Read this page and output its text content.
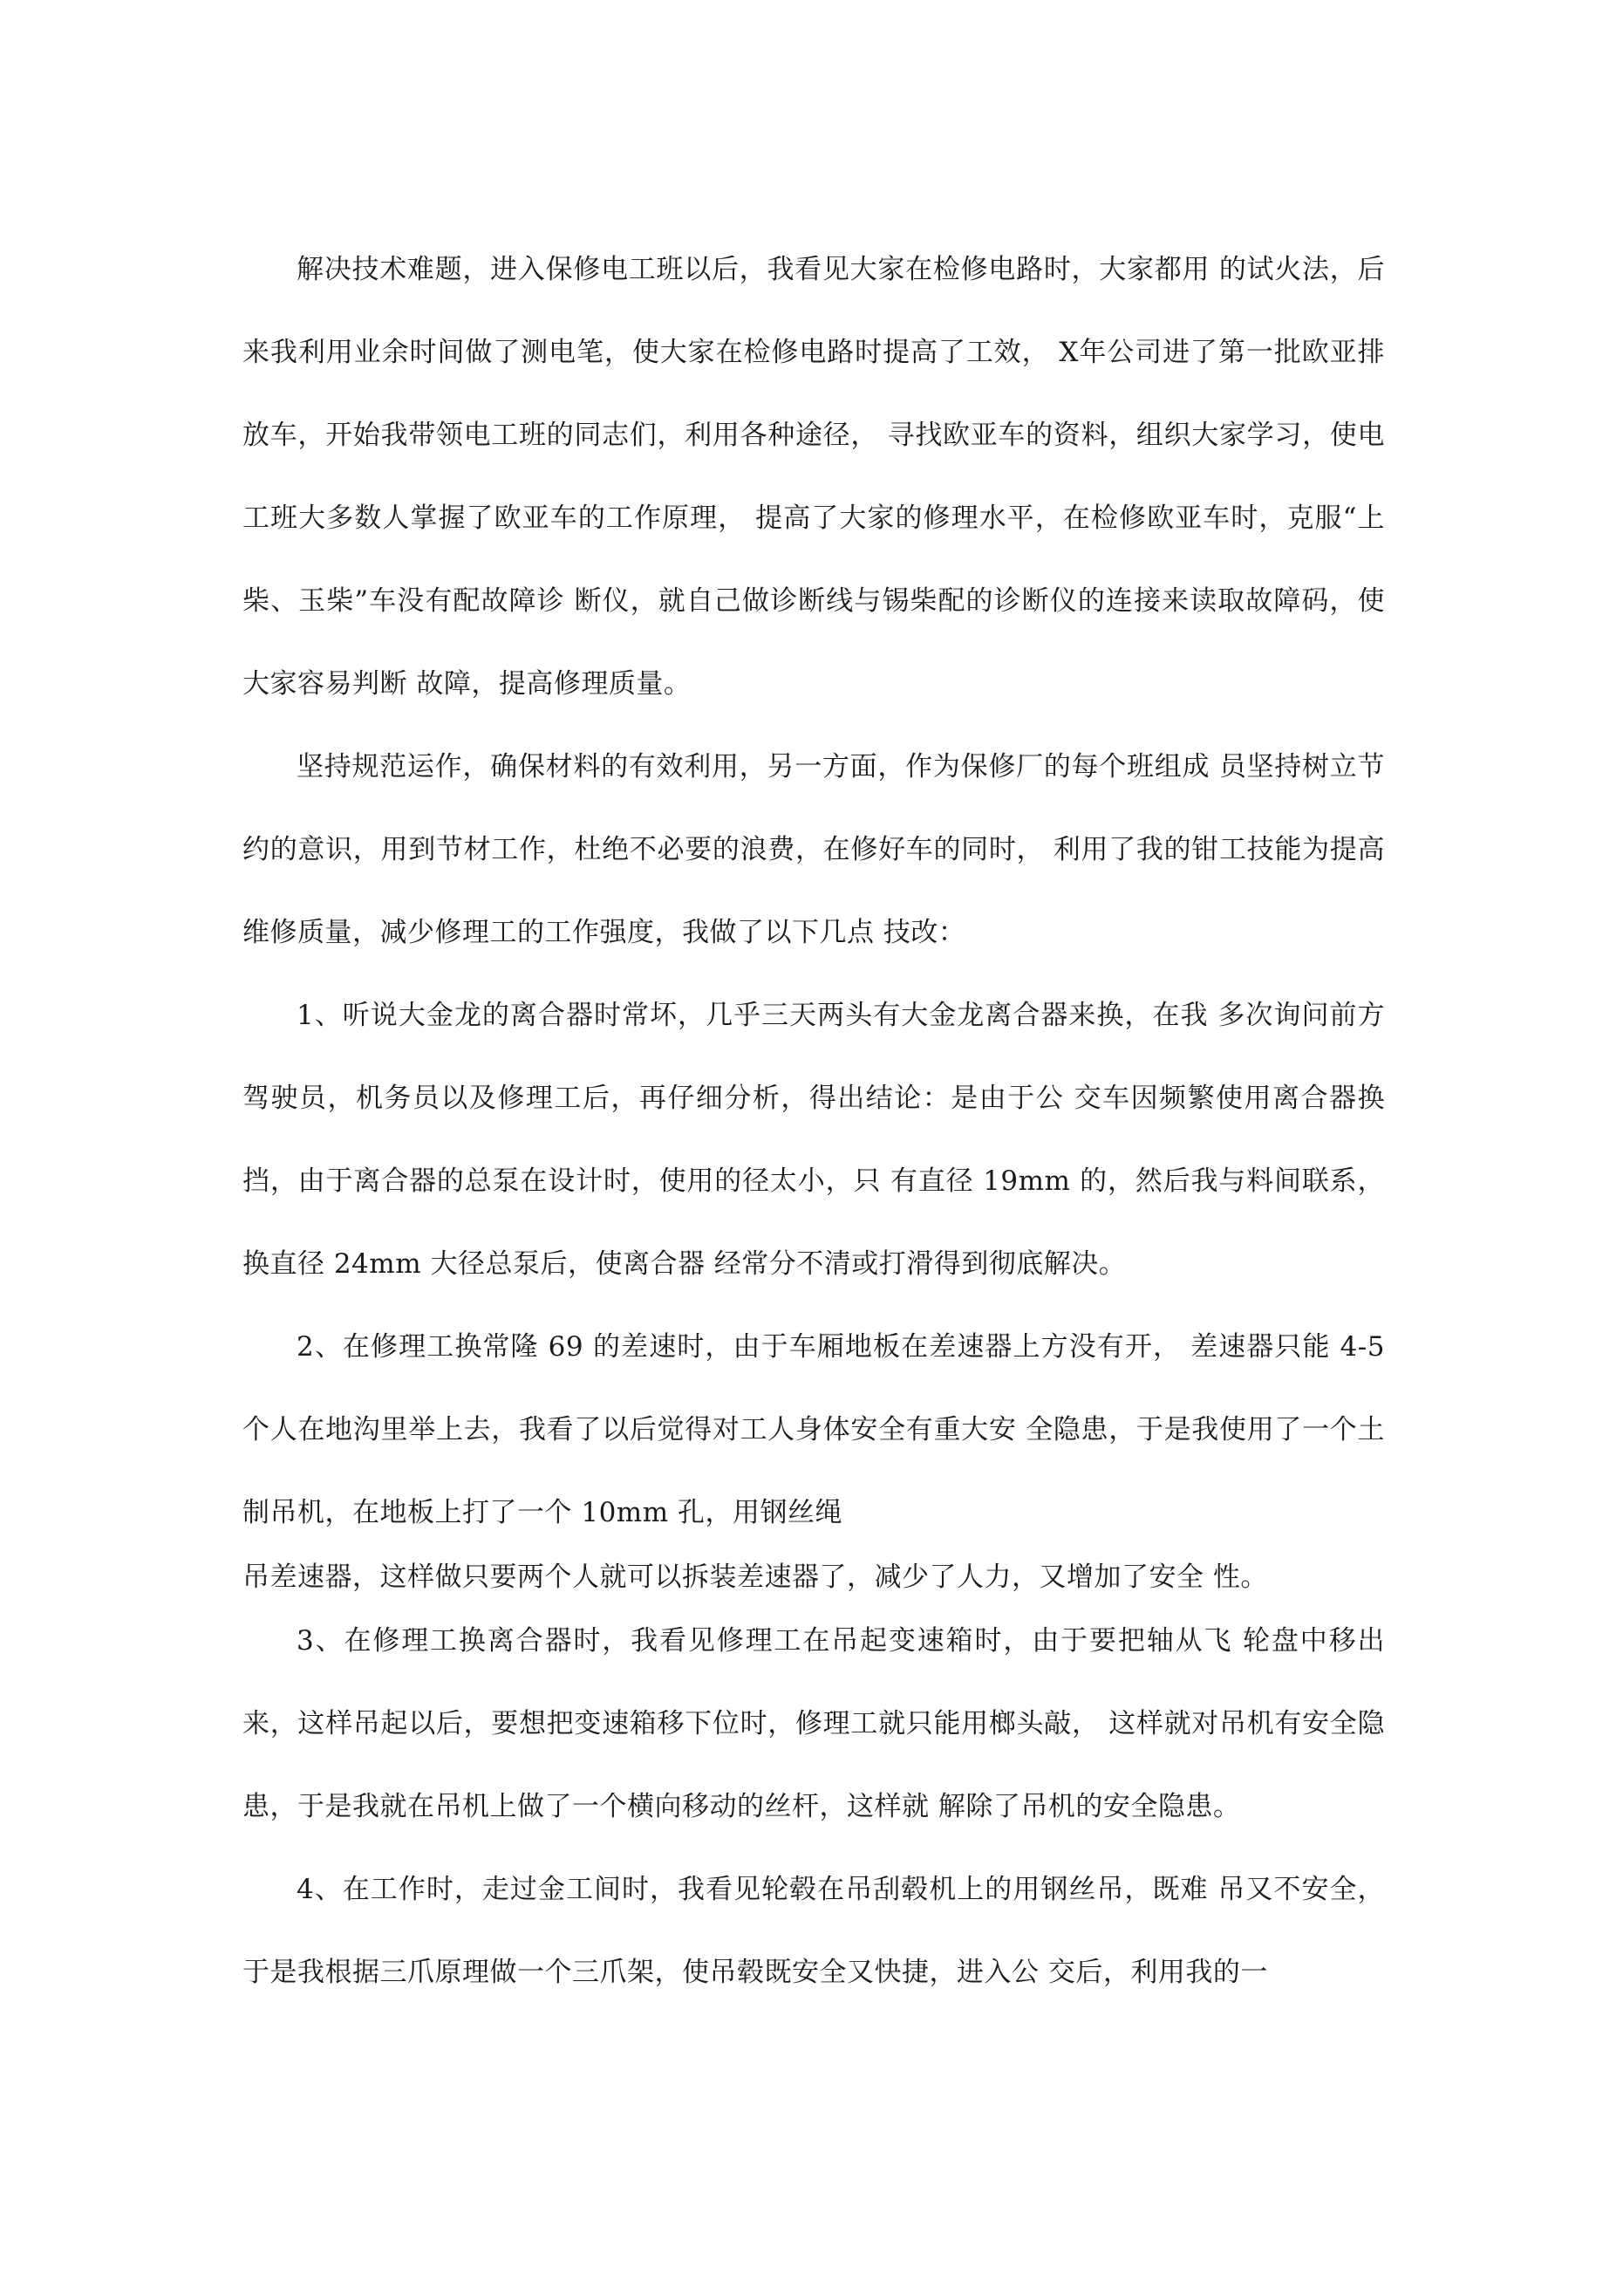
解决技术难题，进入保修电工班以后，我看见大家在检修电路时，大家都用 的试火法，后来我利用业余时间做了测电笔，使大家在检修电路时提高了工效， X年公司进了第一批欧亚排放车，开始我带领电工班的同志们，利用各种途径， 寻找欧亚车的资料，组织大家学习，使电工班大多数人掌握了欧亚车的工作原理， 提高了大家的修理水平，在检修欧亚车时，克服“上柴、玉柴”车没有配故障诊 断仪，就自己做诊断线与锡柴配的诊断仪的连接来读取故障码，使大家容易判断 故障，提高修理质量。

坚持规范运作，确保材料的有效利用，另一方面，作为保修厂的每个班组成 员坚持树立节约的意识，用到节材工作，杜绝不必要的浪费，在修好车的同时， 利用了我的钳工技能为提高维修质量，减少修理工的工作强度，我做了以下几点 技改：

1、听说大金龙的离合器时常坏，几乎三天两头有大金龙离合器来换，在我 多次询问前方驾驶员，机务员以及修理工后，再仔细分析，得出结论：是由于公 交车因频繁使用离合器换挡，由于离合器的总泵在设计时，使用的径太小，只 有直径 19mm 的，然后我与料间联系，换直径 24mm 大径总泵后，使离合器 经常分不清或打滑得到彻底解决。

2、在修理工换常隆 69 的差速时，由于车厢地板在差速器上方没有开， 差速器只能 4-5 个人在地沟里举上去，我看了以后觉得对工人身体安全有重大安 全隐患，于是我使用了一个土制吊机，在地板上打了一个 10mm 孔，用钢丝绳
吊差速器，这样做只要两个人就可以拆装差速器了，减少了人力，又增加了安全 性。

3、在修理工换离合器时，我看见修理工在吊起变速箱时，由于要把轴从飞 轮盘中移出来，这样吊起以后，要想把变速箱移下位时，修理工就只能用榔头敲， 这样就对吊机有安全隐患，于是我就在吊机上做了一个横向移动的丝杆，这样就 解除了吊机的安全隐患。

4、在工作时，走过金工间时，我看见轮毂在吊刮毂机上的用钢丝吊，既难 吊又不安全，于是我根据三爪原理做一个三爪架，使吊毂既安全又快捷，进入公 交后，利用我的一
